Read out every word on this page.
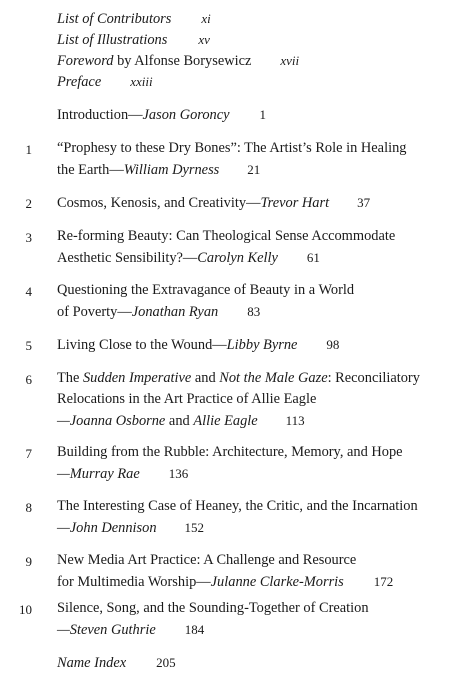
List of Contributors xi
List of Illustrations xv
Foreword by Alfonse Borysewicz xvii
Preface xxiii
Introduction—Jason Goroncy 1
1 “Prophesy to these Dry Bones”: The Artist’s Role in Healing
the Earth—William Dyrness 21
2 Cosmos, Kenosis, and Creativity—Trevor Hart 37
3 Re-forming Beauty: Can Theological Sense Accommodate
Aesthetic Sensibility?—Carolyn Kelly 61
4 Questioning the Extravagance of Beauty in a World
of Poverty—Jonathan Ryan 83
5 Living Close to the Wound—Libby Byrne 98
6 The Sudden Imperative and Not the Male Gaze: Reconciliatory
Relocations in the Art Practice of Allie Eagle
—Joanna Osborne and Allie Eagle 113
7 Building from the Rubble: Architecture, Memory, and Hope
—Murray Rae 136
8 The Interesting Case of Heaney, the Critic, and the Incarnation
—John Dennison 152
9 New Media Art Practice: A Challenge and Resource
for Multimedia Worship—Julanne Clarke-Morris 172
10 Silence, Song, and the Sounding-Together of Creation
—Steven Guthrie 184
Name Index 205
